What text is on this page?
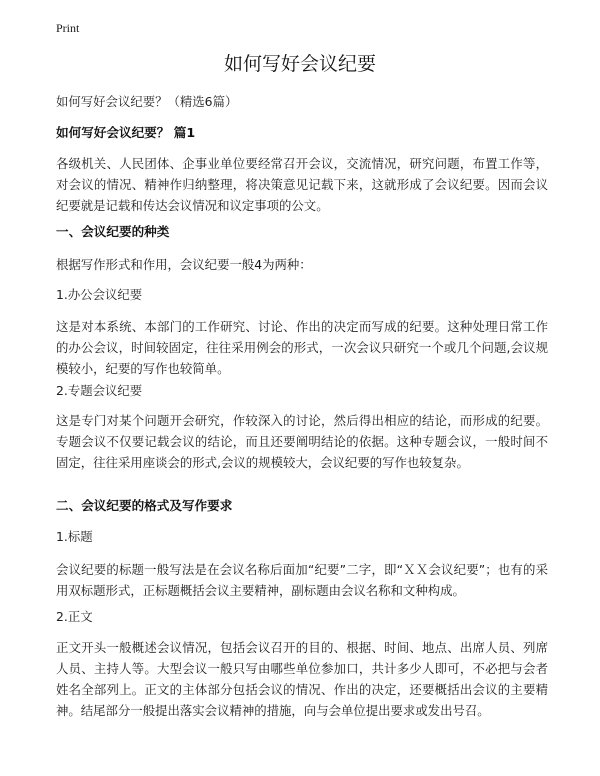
Print
如何写好会议纪要
如何写好会议纪要？（精选6篇）
如何写好会议纪要？ 篇1
各级机关、人民团体、企事业单位要经常召开会议，交流情况，研究问题，布置工作等，对会议的情况、精神作归纳整理，将决策意见记载下来，这就形成了会议纪要。因而会议纪要就是记载和传达会议情况和议定事项的公文。
一、会议纪要的种类
根据写作形式和作用，会议纪要一般4为两种：
1.办公会议纪要
这是对本系统、本部门的工作研究、讨论、作出的决定而写成的纪要。这种处理日常工作的办公会议，时间较固定，往往采用例会的形式，一次会议只研究一个或几个问题,会议规模较小，纪要的写作也较简单。
2.专题会议纪要
这是专门对某个问题开会研究，作较深入的讨论，然后得出相应的结论，而形成的纪要。专题会议不仅要记载会议的结论，而且还要阐明结论的依据。这种专题会议，一般时间不固定，往往采用座谈会的形式,会议的规模较大，会议纪要的写作也较复杂。
二、会议纪要的格式及写作要求
1.标题
会议纪要的标题一般写法是在会议名称后面加“纪要”二字，即“ＸＸ会议纪要”；也有的采用双标题形式，正标题概括会议主要精神，副标题由会议名称和文种构成。
2.正文
正文开头一般概述会议情况，包括会议召开的目的、根据、时间、地点、出席人员、列席人员、主持人等。大型会议一般只写由哪些单位参加口，共计多少人即可，不必把与会者姓名全部列上。正文的主体部分包括会议的情况、作出的决定，还要概括出会议的主要精神。结尾部分一般提出落实会议精神的措施，向与会单位提出要求或发出号召。
